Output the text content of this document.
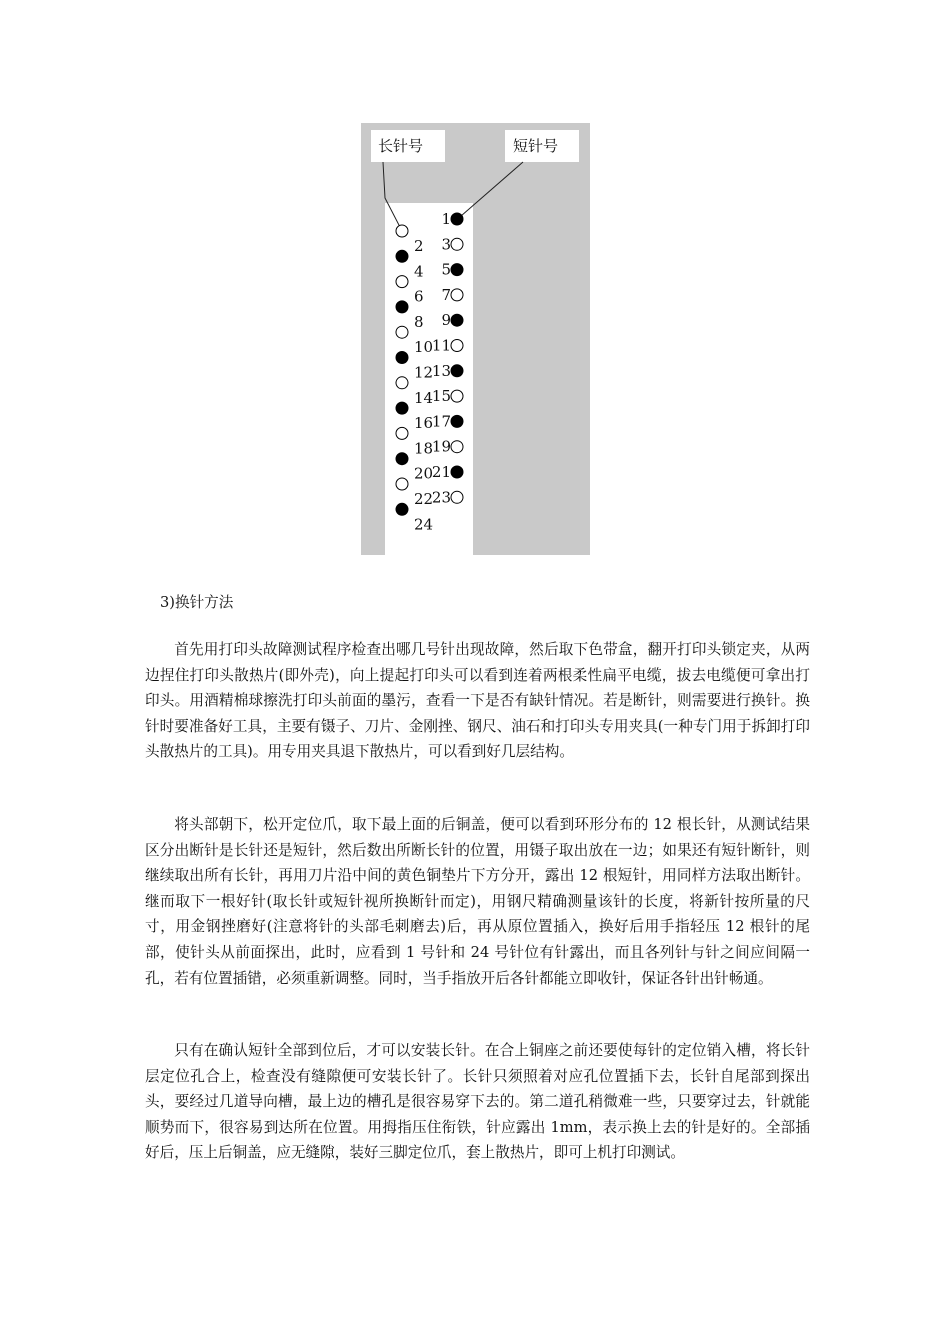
长针号	短针号
2
4
6
8
10
12
14
16
18
20
22
24
1
3
5
7
9
11
13
15
17
19
21
23
3)换针方法

首先用打印头故障测试程序检查出哪几号针出现故障，然后取下色带盒，翻开打印头锁定夹，从两边捏住打印头散热片(即外壳)，向上提起打印头可以看到连着两根柔性扁平电缆，拔去电缆便可拿出打印头。用酒精棉球擦洗打印头前面的墨污，查看一下是否有缺针情况。若是断针，则需要进行换针。换针时要准备好工具，主要有镊子、刀片、金刚挫、钢尺、油石和打印头专用夹具(一种专门用于拆卸打印头散热片的工具)。用专用夹具退下散热片，可以看到好几层结构。

将头部朝下，松开定位爪，取下最上面的后铜盖，便可以看到环形分布的 12 根长针，从测试结果区分出断针是长针还是短针，然后数出所断长针的位置，用镊子取出放在一边；如果还有短针断针，则继续取出所有长针，再用刀片沿中间的黄色铜垫片下方分开，露出 12 根短针，用同样方法取出断针。继而取下一根好针(取长针或短针视所换断针而定)，用钢尺精确测量该针的长度，将新针按所量的尺寸，用金钢挫磨好(注意将针的头部毛刺磨去)后，再从原位置插入，换好后用手指轻压 12 根针的尾部，使针头从前面探出，此时，应看到 1 号针和 24 号针位有针露出，而且各列针与针之间应间隔一孔，若有位置插错，必须重新调整。同时，当手指放开后各针都能立即收针，保证各针出针畅通。

只有在确认短针全部到位后，才可以安装长针。在合上铜座之前还要使每针的定位销入槽，将长针层定位孔合上，检查没有缝隙便可安装长针了。长针只须照着对应孔位置插下去，长针自尾部到探出头，要经过几道导向槽，最上边的槽孔是很容易穿下去的。第二道孔稍微难一些，只要穿过去，针就能顺势而下，很容易到达所在位置。用拇指压住衔铁，针应露出 1mm，表示换上去的针是好的。全部插好后，压上后铜盖，应无缝隙，装好三脚定位爪，套上散热片，即可上机打印测试。
